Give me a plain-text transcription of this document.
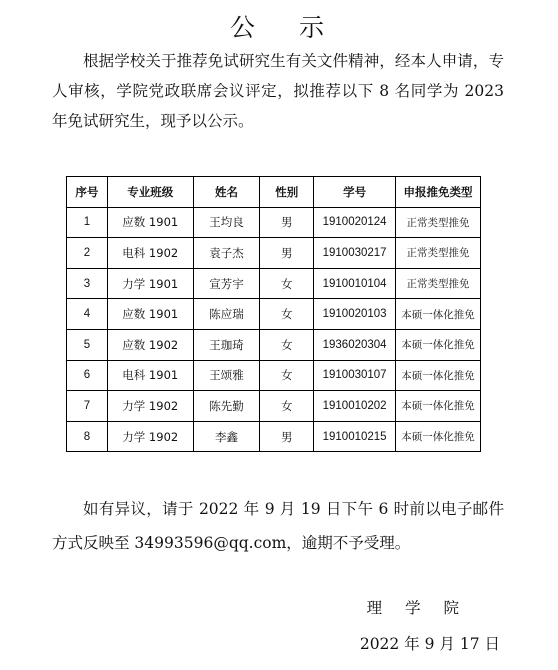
公 示

根据学校关于推荐免试研究生有关文件精神，经本人申请，专人审核，学院党政联席会议评定，拟推荐以下 8 名同学为 2023 年免试研究生，现予以公示。

序号	专业班级	姓名	性别	学号	申报推免类型
1	应数 1901	王均良	男	1910020124	正常类型推免
2	电科 1902	袁子杰	男	1910030217	正常类型推免
3	力学 1901	宣芳宇	女	1910010104	正常类型推免
4	应数 1901	陈应瑞	女	1910020103	本硕一体化推免
5	应数 1902	王珈琦	女	1936020304	本硕一体化推免
6	电科 1901	王颂雅	女	1910030107	本硕一体化推免
7	力学 1902	陈先勤	女	1910010202	本硕一体化推免
8	力学 1902	李鑫	男	1910010215	本硕一体化推免

如有异议，请于 2022 年 9 月 19 日下午 6 时前以电子邮件方式反映至 34993596@qq.com，逾期不予受理。

理 学 院
2022 年 9 月 17 日
